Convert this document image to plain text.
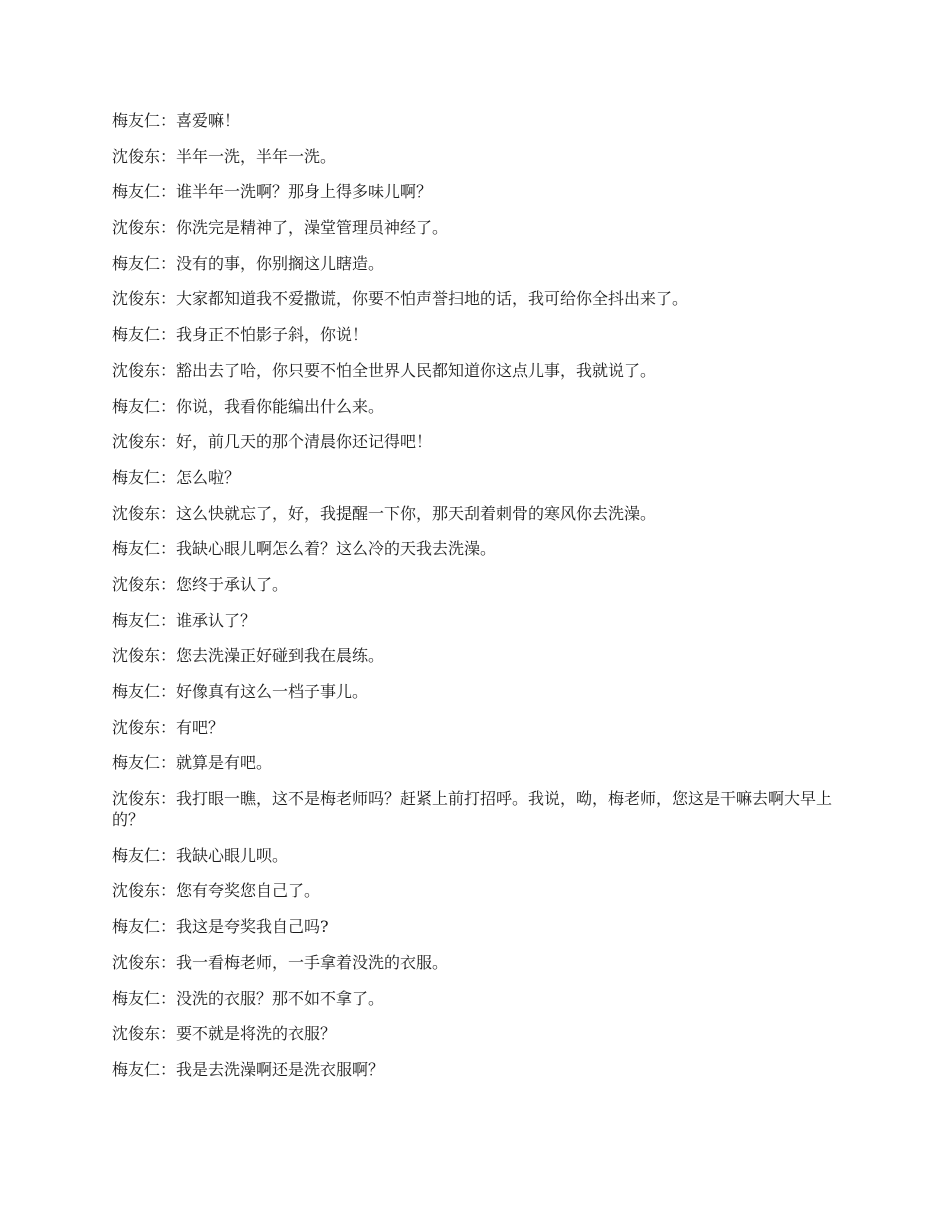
梅友仁：喜爱嘛！

沈俊东：半年一洗，半年一洗。

梅友仁：谁半年一洗啊？那身上得多味儿啊？

沈俊东：你洗完是精神了，澡堂管理员神经了。

梅友仁：没有的事，你别搁这儿瞎造。

沈俊东：大家都知道我不爱撒谎，你要不怕声誉扫地的话，我可给你全抖出来了。

梅友仁：我身正不怕影子斜，你说！

沈俊东：豁出去了哈，你只要不怕全世界人民都知道你这点儿事，我就说了。

梅友仁：你说，我看你能编出什么来。

沈俊东：好，前几天的那个清晨你还记得吧！

梅友仁：怎么啦？

沈俊东：这么快就忘了，好，我提醒一下你，那天刮着刺骨的寒风你去洗澡。

梅友仁：我缺心眼儿啊怎么着？这么冷的天我去洗澡。

沈俊东：您终于承认了。

梅友仁：谁承认了？

沈俊东：您去洗澡正好碰到我在晨练。

梅友仁：好像真有这么一档子事儿。

沈俊东：有吧？

梅友仁：就算是有吧。

沈俊东：我打眼一瞧，这不是梅老师吗？赶紧上前打招呼。我说，呦，梅老师，您这是干嘛去啊大早上的？

梅友仁：我缺心眼儿呗。

沈俊东：您有夸奖您自己了。

梅友仁：我这是夸奖我自己吗?

沈俊东：我一看梅老师，一手拿着没洗的衣服。

梅友仁：没洗的衣服？那不如不拿了。

沈俊东：要不就是将洗的衣服？

梅友仁：我是去洗澡啊还是洗衣服啊？
